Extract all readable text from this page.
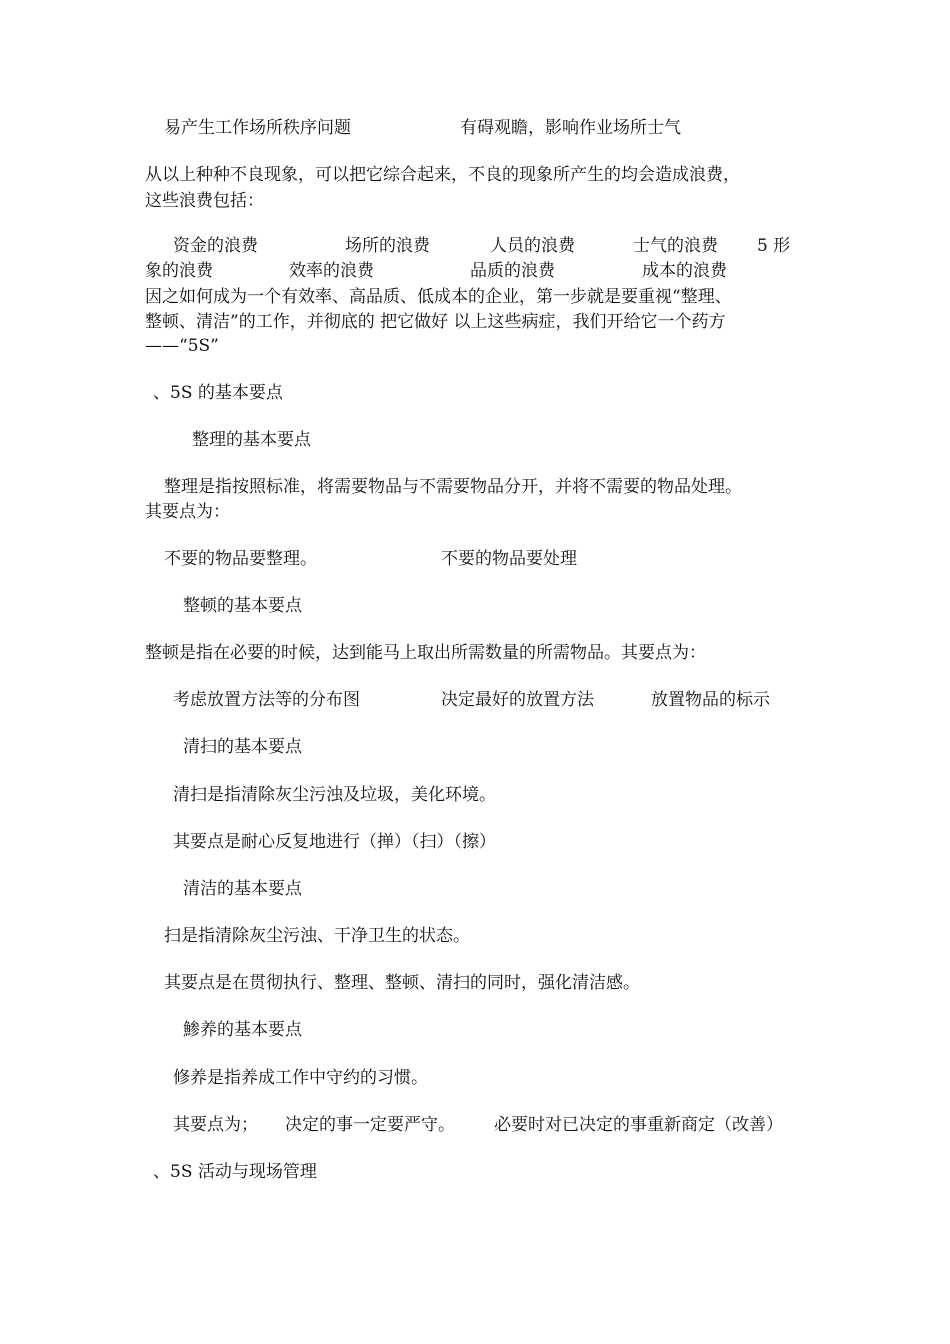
易产生工作场所秩序问题	有碍观瞻，影响作业场所士气
从以上种种不良现象，可以把它综合起来，不良的现象所产生的均会造成浪费，
这些浪费包括：
资金的浪费	场所的浪费	人员的浪费	士气的浪费 5 形
象的浪费	效率的浪费	品质的浪费	成本的浪费
因之如何成为一个有效率、高品质、低成本的企业，第一步就是要重视“整理、
整顿、清洁”的工作，并彻底的 把它做好 以上这些病症，我们开给它一个药方
——“5S”
、5S 的基本要点
整理的基本要点
整理是指按照标准，将需要物品与不需要物品分开，并将不需要的物品处理。
其要点为：
不要的物品要整理。	不要的物品要处理
整顿的基本要点
整顿是指在必要的时候，达到能马上取出所需数量的所需物品。其要点为：
考虑放置方法等的分布图	决定最好的放置方法	放置物品的标示
清扫的基本要点
清扫是指清除灰尘污浊及垃圾，美化环境。
其要点是耐心反复地进行（掸）（扫）（擦）
清洁的基本要点
扫是指清除灰尘污浊、干净卫生的状态。
其要点是在贯彻执行、整理、整顿、清扫的同时，强化清洁感。
鯵养的基本要点
修养是指养成工作中守约的习惯。
其要点为； 决定的事一定要严守。 必要时对已决定的事重新商定（改善）
、5S 活动与现场管理
